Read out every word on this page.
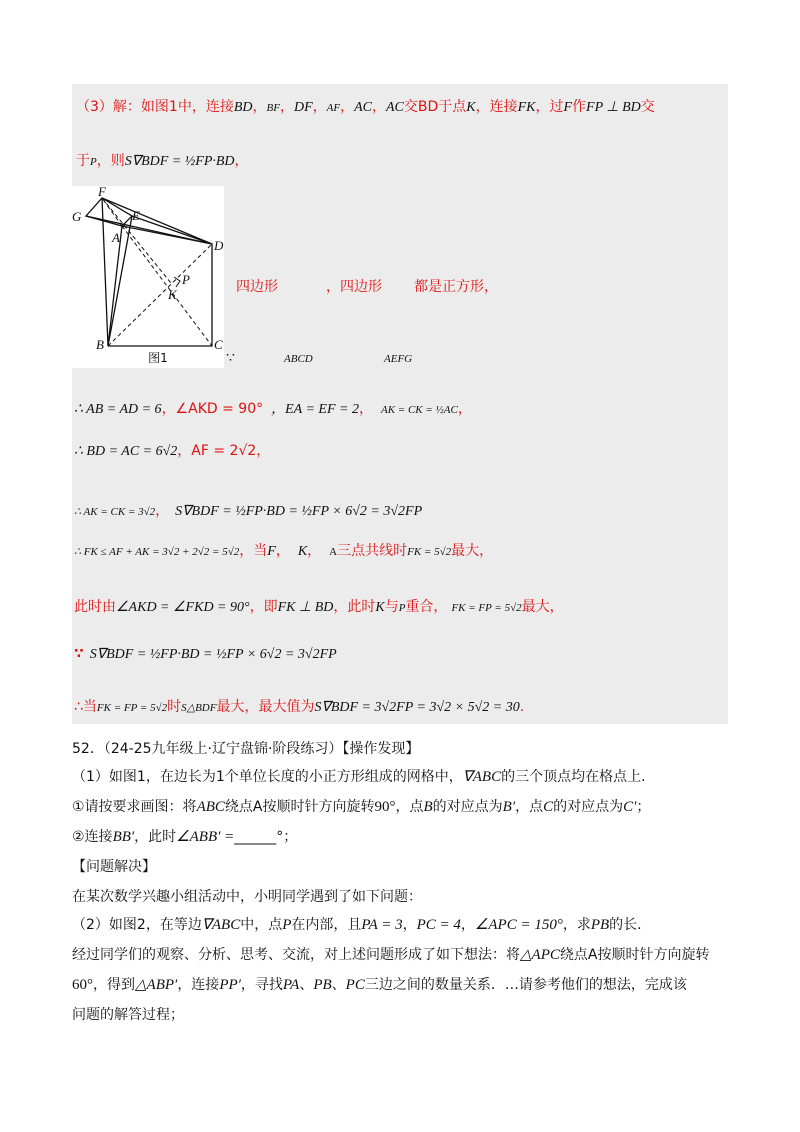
（3）解：如图1中，连接BD，BF，DF，AF，AC，AC交BD于点K，连接FK，过F作FP ⊥ BD交
于P，则S∇BDF = ½FP·BD，
F
G	E
A
D
P
K
B	C
图1
四边形	，四边形 都是正方形，
∵	ABCD	AEFG
∴ AB = AD = 6，∠AKD = 90° ，EA = EF = 2， AK = CK = ½AC，
∴ BD = AC = 6√2，AF = 2√2，
∴ AK = CK = 3√2， S∇BDF = ½FP·BD = ½FP × 6√2 = 3√2FP
∴ FK ≤ AF + AK = 3√2 + 2√2 = 5√2，当F， K， A三点共线时FK = 5√2最大，
此时由∠AKD = ∠FKD = 90°，即FK ⊥ BD，此时K与P重合， FK = FP = 5√2最大，
∵ S∇BDF = ½FP·BD = ½FP × 6√2 = 3√2FP
∴当FK = FP = 5√2时S△BDF最大，最大值为S∇BDF = 3√2FP = 3√2 × 5√2 = 30.
52．（24-25九年级上·辽宁盘锦·阶段练习）【操作发现】
（1）如图1，在边长为1个单位长度的小正方形组成的网格中，∇ABC的三个顶点均在格点上.
①请按要求画图：将ABC绕点A按顺时针方向旋转90°，点B的对应点为B′，点C的对应点为C′；
②连接BB′，此时∠ABB′ =______°；
【问题解决】
在某次数学兴趣小组活动中，小明同学遇到了如下问题：
（2）如图2，在等边∇ABC中，点P在内部，且PA = 3，PC = 4，∠APC = 150°，求PB的长.
经过同学们的观察、分析、思考、交流，对上述问题形成了如下想法：将△APC绕点A按顺时针方向旋转
60°，得到△ABP′，连接PP′，寻找PA、PB、PC三边之间的数量关系．…请参考他们的想法，完成该
问题的解答过程；
